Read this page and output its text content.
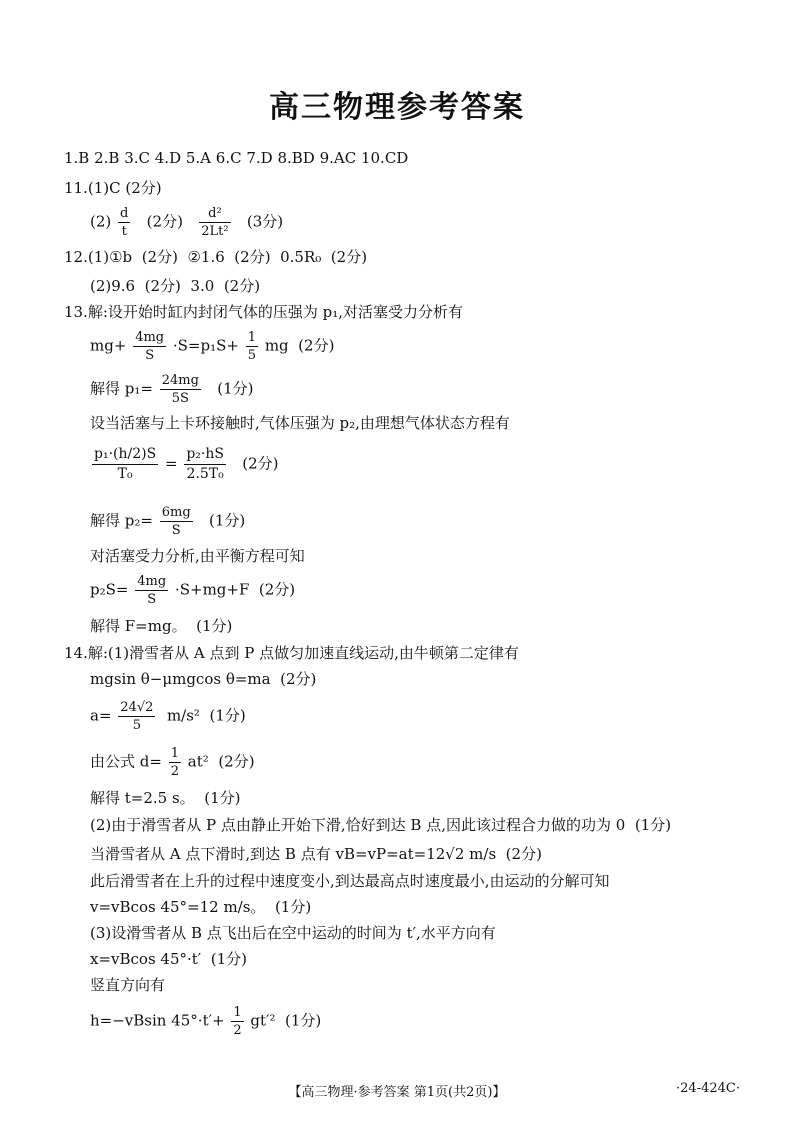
高三物理参考答案
1.B 2.B 3.C 4.D 5.A 6.C 7.D 8.BD 9.AC 10.CD
11.(1)C (2分)
$(2) \frac{d}{t} (2$分) $\frac{\text{d²}}{\text{2Lt²}} (3$分)
12.(1)①b  (2分)  ②1.6  (2分)  0.5R₀  (2分)
(2)9.6  (2分)  3.0  (2分)
13.解:设开始时缸内封闭气体的压强为 p₁,对活塞受力分析有
$mg+ \frac{4mg}{S} \cdot S=p_1S+ \frac{1}{5}$ mg  (2分)
解得 $p_1= \frac{24mg}{5S} (1$分)
设当活塞与上卡环接触时,气体压强为 p₂,由理想气体状态方程有
$\frac{\text{p₁·(h/2)S}}{\text{T₀}} = \frac{\text{p₂·hS}}{\text{2.5T₀}} (2$分)
解得 $p_2= \frac{6mg}{S} (1$分)
对活塞受力分析,由平衡方程可知
$p_2S= \frac{4mg}{S} \cdot S+mg+F$  (2分)
解得 F=mg。  (1分)
14.解:(1)滑雪者从 A 点到 P 点做匀加速直线运动,由牛顿第二定律有
mgsin θ−μmgcos θ=ma  (2分)
$a= \frac{24√2}{5} m/s^2$  (1分)
由公式 $d= \frac{1}{2} at^2$  (2分)
解得 t=2.5 s。  (1分)
(2)由于滑雪者从 P 点由静止开始下滑,恰好到达 B 点,因此该过程合力做的功为 0  (1分)
当滑雪者从 A 点下滑时,到达 B 点有 vB=vP=at=12√2 m/s  (2分)
此后滑雪者在上升的过程中速度变小,到达最高点时速度最小,由运动的分解可知
v=vBcos 45°=12 m/s。  (1分)
(3)设滑雪者从 B 点飞出后在空中运动的时间为 t′,水平方向有
x=vBcos 45°·t′  (1分)
竖直方向有
h=−vBsin $45^\circ\cdot t'+ \frac{1}{2} gt'^2$  (1分)
【高三物理·参考答案 第1页(共2页)】	·24-424C·
